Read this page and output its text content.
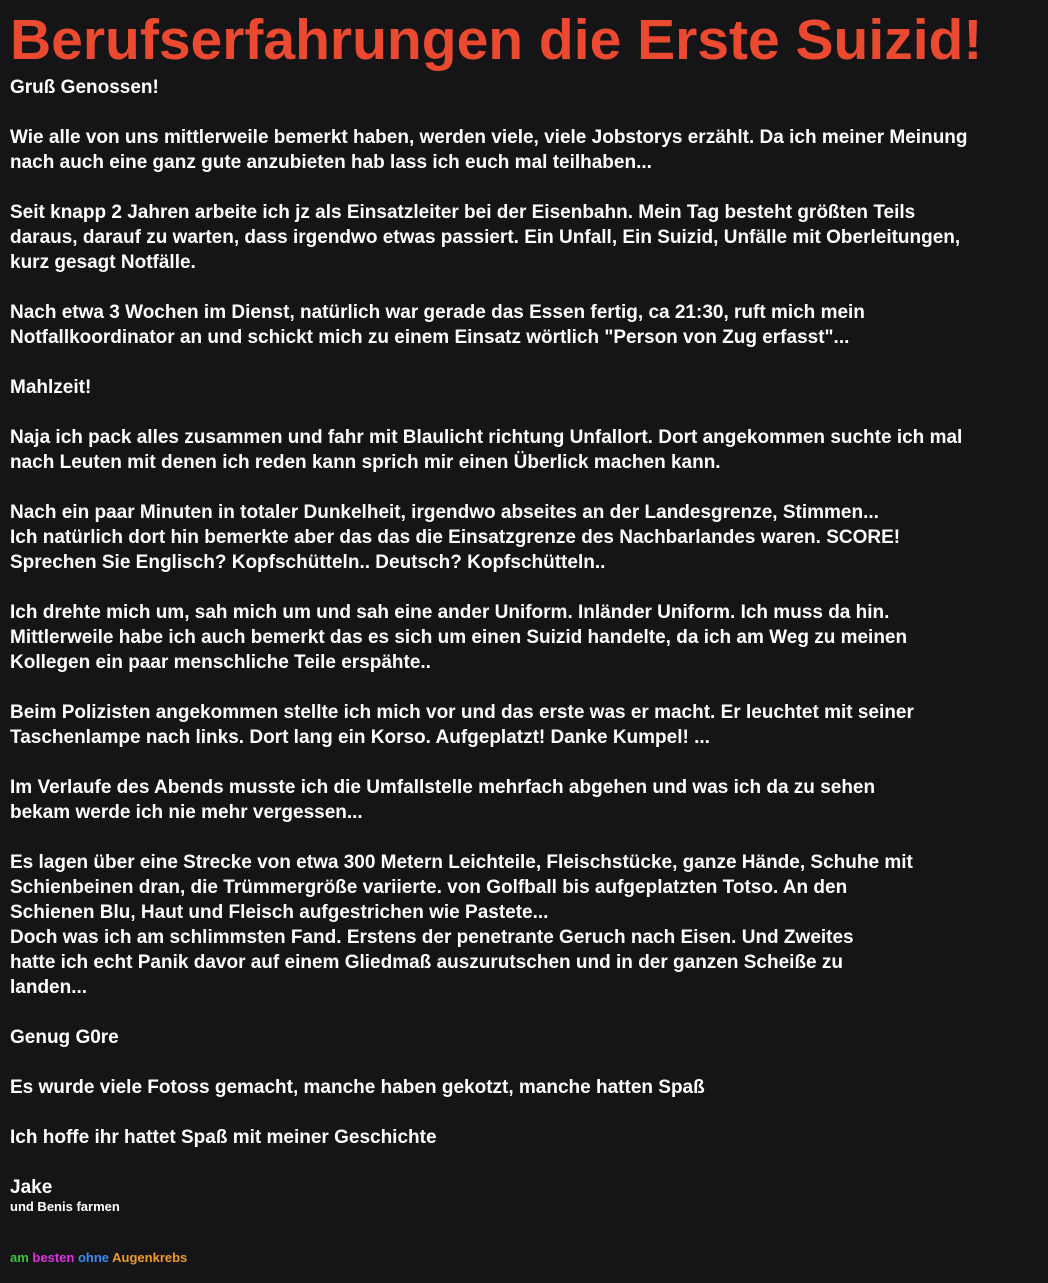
Berufserfahrungen die Erste Suizid!
Gruß Genossen!
Wie alle von uns mittlerweile bemerkt haben, werden viele, viele Jobstorys erzählt. Da ich meiner Meinung
nach auch eine ganz gute anzubieten hab lass ich euch mal teilhaben...
Seit knapp 2 Jahren arbeite ich jz als Einsatzleiter bei der Eisenbahn. Mein Tag besteht größten Teils
daraus, darauf zu warten, dass irgendwo etwas passiert. Ein Unfall, Ein Suizid, Unfälle mit Oberleitungen,
kurz gesagt Notfälle.
Nach etwa 3 Wochen im Dienst, natürlich war gerade das Essen fertig, ca 21:30, ruft mich mein
Notfallkoordinator an und schickt mich zu einem Einsatz wörtlich "Person von Zug erfasst"...
Mahlzeit!
Naja ich pack alles zusammen und fahr mit Blaulicht richtung Unfallort. Dort angekommen suchte ich mal
nach Leuten mit denen ich reden kann sprich mir einen Überlick machen kann.
Nach ein paar Minuten in totaler Dunkelheit, irgendwo abseites an der Landesgrenze, Stimmen...
Ich natürlich dort hin bemerkte aber das das die Einsatzgrenze des Nachbarlandes waren. SCORE!
Sprechen Sie Englisch? Kopfschütteln.. Deutsch? Kopfschütteln..
Ich drehte mich um, sah mich um und sah eine ander Uniform. Inländer Uniform. Ich muss da hin.
Mittlerweile habe ich auch bemerkt das es sich um einen Suizid handelte, da ich am Weg zu meinen
Kollegen ein paar menschliche Teile erspähte..
Beim Polizisten angekommen stellte ich mich vor und das erste was er macht. Er leuchtet mit seiner
Taschenlampe nach links. Dort lang ein Korso. Aufgeplatzt! Danke Kumpel! ...
Im Verlaufe des Abends musste ich die Umfallstelle mehrfach abgehen und was ich da zu sehen
bekam werde ich nie mehr vergessen...
Es lagen über eine Strecke von etwa 300 Metern Leichteile, Fleischstücke, ganze Hände, Schuhe mit
Schienbeinen dran, die Trümmergröße variierte. von Golfball bis aufgeplatzten Totso. An den
Schienen Blu, Haut und Fleisch aufgestrichen wie Pastete...
Doch was ich am schlimmsten Fand. Erstens der penetrante Geruch nach Eisen. Und Zweites
hatte ich echt Panik davor auf einem Gliedmaß auszurutschen und in der ganzen Scheiße zu
landen...
Genug G0re
Es wurde viele Fotoss gemacht, manche haben gekotzt, manche hatten Spaß
Ich hoffe ihr hattet Spaß mit meiner Geschichte
Jake
und Benis farmen
am besten ohne Augenkrebs
